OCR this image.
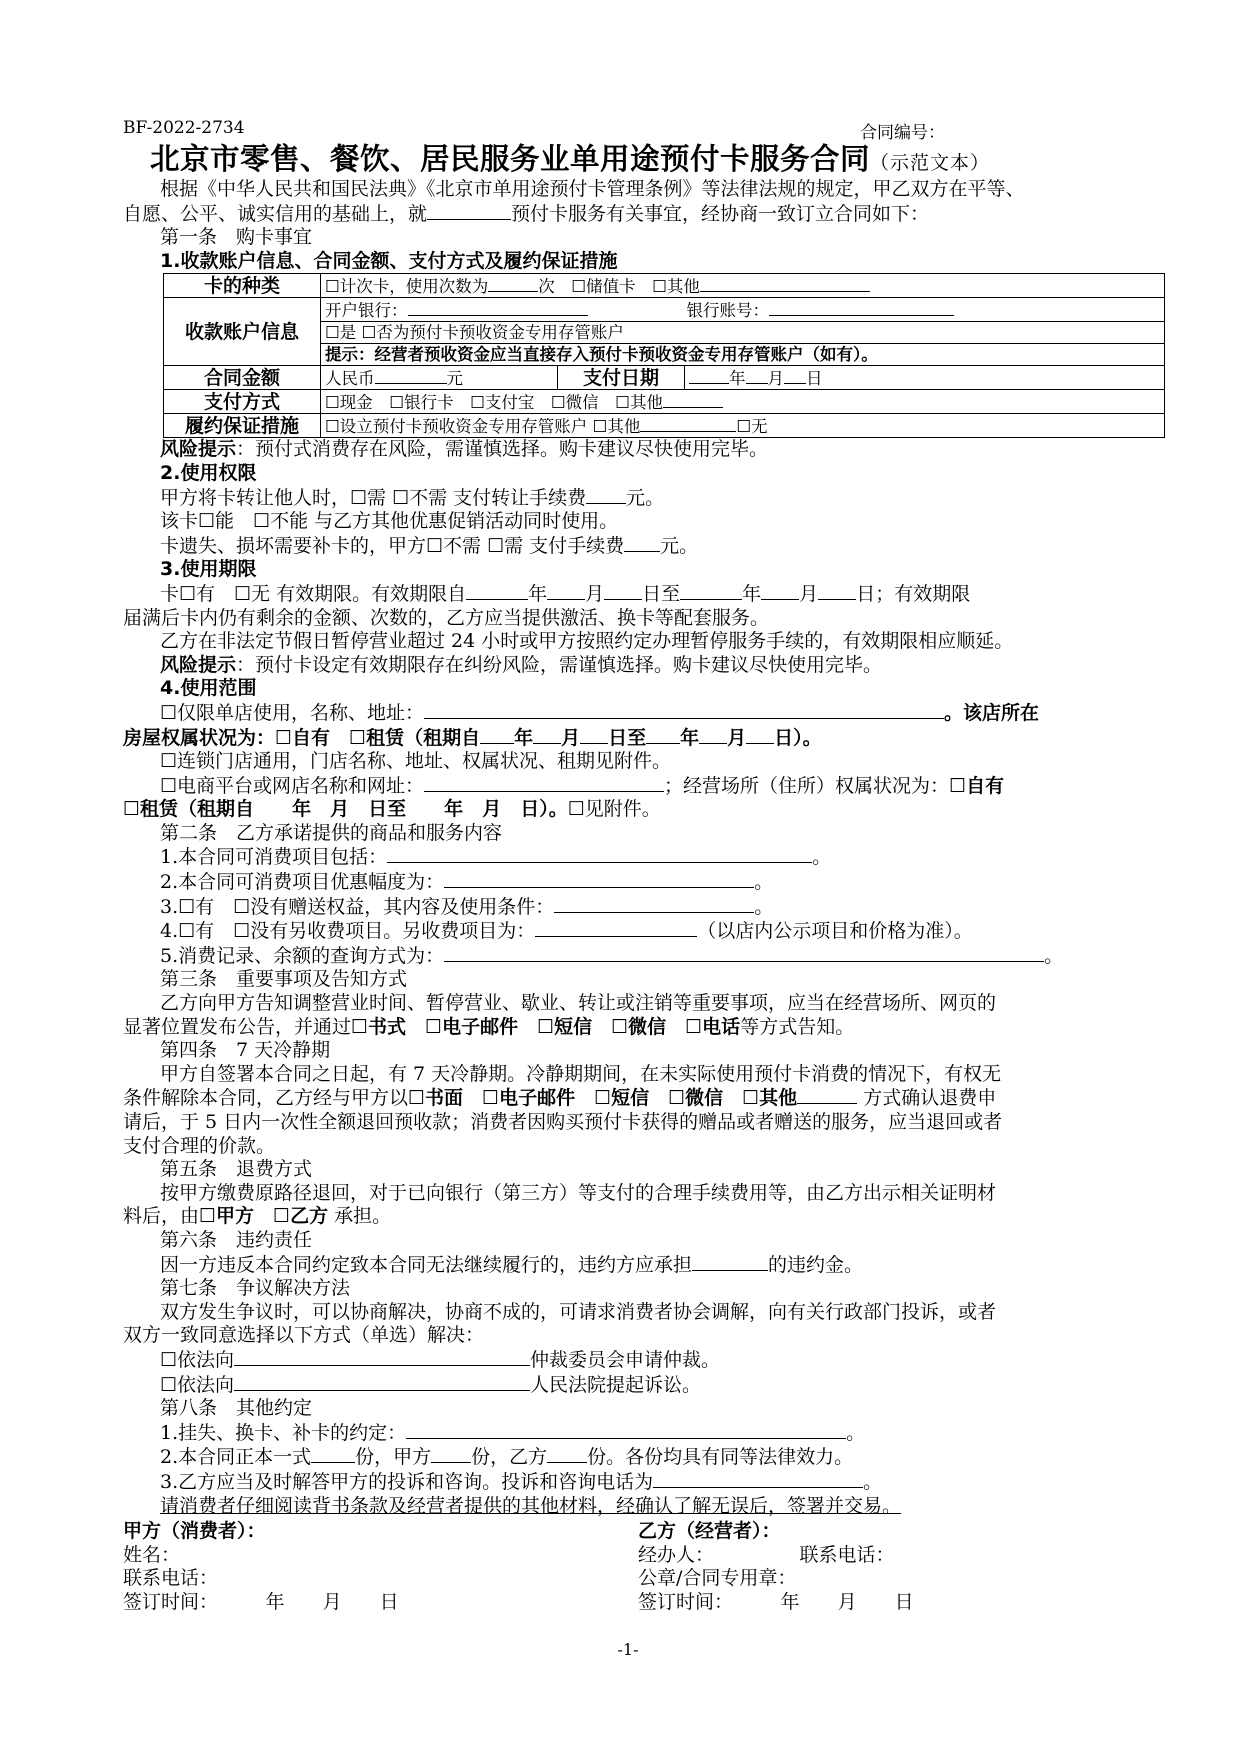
BF-2022-2734	合同编号：
北京市零售、餐饮、居民服务业单用途预付卡服务合同（示范文本）
根据《中华人民共和国民法典》《北京市单用途预付卡管理条例》等法律法规的规定，甲乙双方在平等、
自愿、公平、诚实信用的基础上，就	预付卡服务有关事宜，经协商一致订立合同如下：
第一条　购卡事宜
1.收款账户信息、合同金额、支付方式及履约保证措施
卡的种类	☐计次卡，使用次数为 次　☐储值卡　☐其他		
收款账户信息	开户银行：　　　　　　 银行账号：		
	☐是 ☐否为预付卡预收资金专用存管账户		
	提示：经营者预收资金应当直接存入预付卡预收资金专用存管账户（如有）。		
合同金额	人民币 元	支付日期	年 月 日
支付方式	☐现金　☐银行卡　☐支付宝　☐微信　☐其他		
履约保证措施	☐设立预付卡预收资金专用存管账户 ☐其他 ☐无		
风险提示：预付式消费存在风险，需谨慎选择。购卡建议尽快使用完毕。
2.使用权限
甲方将卡转让他人时，☐需 ☐不需 支付转让手续费 元。
该卡☐能　☐不能 与乙方其他优惠促销活动同时使用。
卡遗失、损坏需要补卡的，甲方☐不需 ☐需 支付手续费 元。
3.使用期限
卡☐有　☐无 有效期限。有效期限自	年 月 日至	年 月 日；有效期限
届满后卡内仍有剩余的金额、次数的，乙方应当提供激活、换卡等配套服务。
乙方在非法定节假日暂停营业超过 24 小时或甲方按照约定办理暂停服务手续的，有效期限相应顺延。
风险提示：预付卡设定有效期限存在纠纷风险，需谨慎选择。购卡建议尽快使用完毕。
4.使用范围
☐仅限单店使用，名称、地址：	。该店所在
房屋权属状况为：☐自有　☐租赁（租期自 年 月 日至 年 月 日）。
☐连锁门店通用，门店名称、地址、权属状况、租期见附件。
☐电商平台或网店名称和网址：	；经营场所（住所）权属状况为：☐自有
☐租赁（租期自　　 年　 月　 日至　　 年　 月　 日）。☐见附件。
第二条　乙方承诺提供的商品和服务内容
1.本合同可消费项目包括：	。
2.本合同可消费项目优惠幅度为：	。
3.☐有　☐没有赠送权益，其内容及使用条件：	。
4.☐有　☐没有另收费项目。另收费项目为：	（以店内公示项目和价格为准）。
5.消费记录、余额的查询方式为：	。
第三条　重要事项及告知方式
乙方向甲方告知调整营业时间、暂停营业、歇业、转让或注销等重要事项，应当在经营场所、网页的
显著位置发布公告，并通过☐书式　☐电子邮件　☐短信　☐微信　☐电话等方式告知。
第四条　7 天冷静期
甲方自签署本合同之日起，有 7 天冷静期。冷静期期间，在未实际使用预付卡消费的情况下，有权无
条件解除本合同，乙方经与甲方以☐书面　☐电子邮件　☐短信　☐微信　☐其他	方式确认退费申
请后，于 5 日内一次性全额退回预收款；消费者因购买预付卡获得的赠品或者赠送的服务，应当退回或者
支付合理的价款。
第五条　退费方式
按甲方缴费原路径退回，对于已向银行（第三方）等支付的合理手续费用等，由乙方出示相关证明材
料后，由☐甲方　☐乙方 承担。
第六条　违约责任
因一方违反本合同约定致本合同无法继续履行的，违约方应承担	的违约金。
第七条　争议解决方法
双方发生争议时，可以协商解决，协商不成的，可请求消费者协会调解，向有关行政部门投诉，或者
双方一致同意选择以下方式（单选）解决：
☐依法向	仲裁委员会申请仲裁。
☐依法向	人民法院提起诉讼。
第八条　其他约定
1.挂失、换卡、补卡的约定：	。
2.本合同正本一式 份，甲方 份，乙方 份。各份均具有同等法律效力。
3.乙方应当及时解答甲方的投诉和咨询。投诉和咨询电话为	。
请消费者仔细阅读背书条款及经营者提供的其他材料，经确认了解无误后，签署并交易。
甲方（消费者）：
姓名：
联系电话：
签订时间：　　　	年　　 月　　 日
乙方（经营者）：
经办人：　　　　　	联系电话：
公章/合同专用章：
签订时间：　　　	年　　 月　　 日
-1-
